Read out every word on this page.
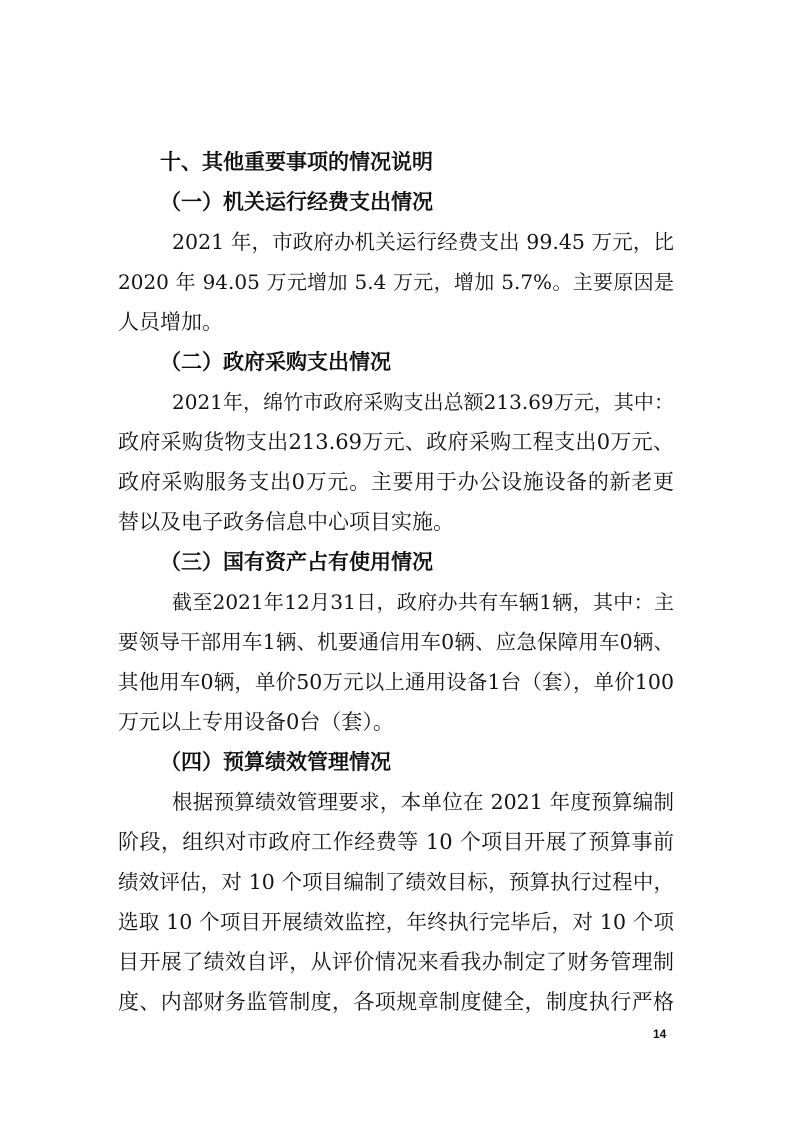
十、其他重要事项的情况说明
（一）机关运行经费支出情况
2021 年，市政府办机关运行经费支出 99.45 万元，比
2020 年 94.05 万元增加 5.4 万元，增加 5.7%。主要原因是
人员增加。
（二）政府采购支出情况
2021年，绵竹市政府采购支出总额213.69万元，其中：
政府采购货物支出213.69万元、政府采购工程支出0万元、
政府采购服务支出0万元。主要用于办公设施设备的新老更
替以及电子政务信息中心项目实施。
（三）国有资产占有使用情况
截至2021年12月31日，政府办共有车辆1辆，其中：主
要领导干部用车1辆、机要通信用车0辆、应急保障用车0辆、
其他用车0辆，单价50万元以上通用设备1台（套），单价100
万元以上专用设备0台（套）。
（四）预算绩效管理情况
根据预算绩效管理要求，本单位在 2021 年度预算编制
阶段，组织对市政府工作经费等 10 个项目开展了预算事前
绩效评估，对 10 个项目编制了绩效目标，预算执行过程中，
选取 10 个项目开展绩效监控，年终执行完毕后，对 10 个项
目开展了绩效自评，从评价情况来看我办制定了财务管理制
度、内部财务监管制度，各项规章制度健全，制度执行严格
14
